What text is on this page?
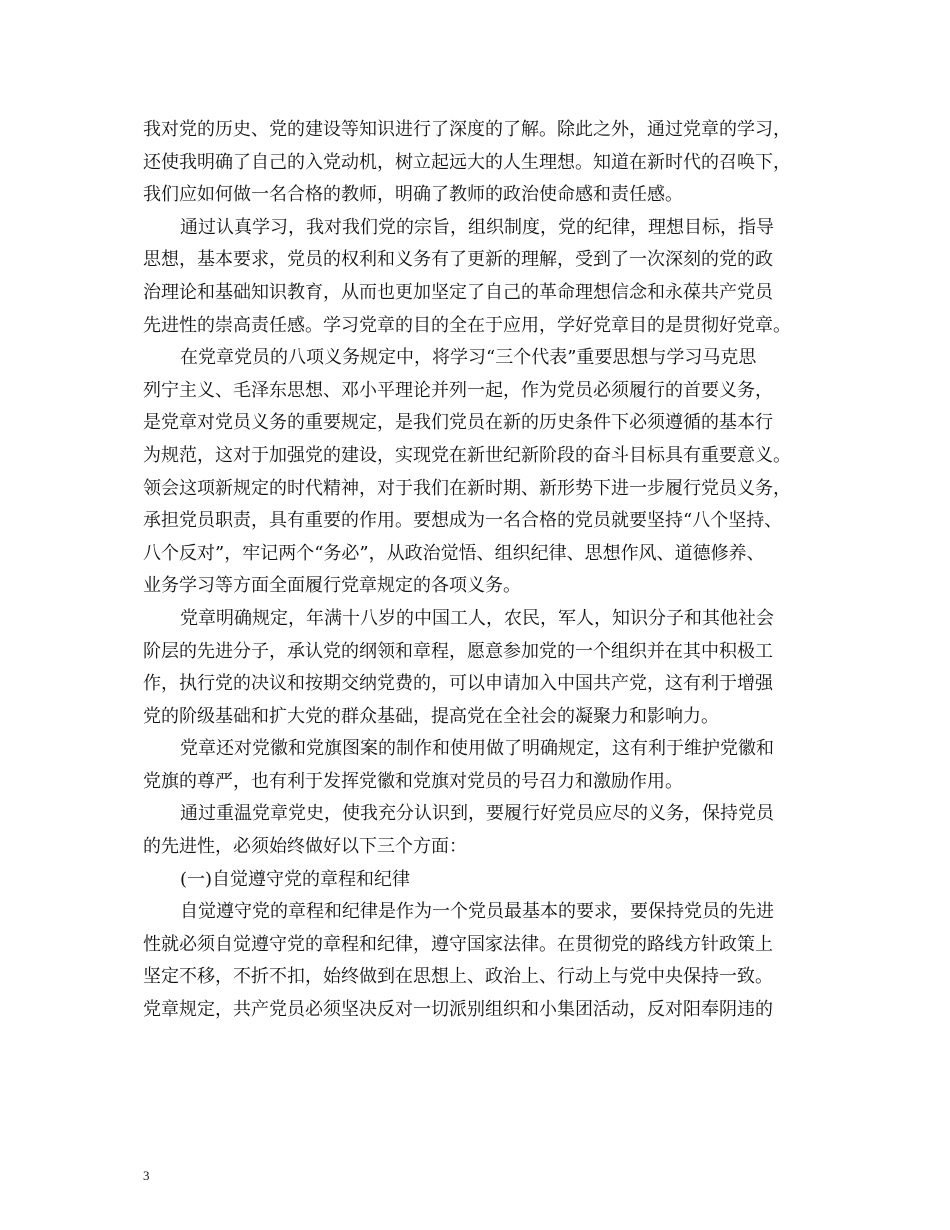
我对党的历史、党的建设等知识进行了深度的了解。除此之外，通过党章的学习，
还使我明确了自己的入党动机，树立起远大的人生理想。知道在新时代的召唤下，
我们应如何做一名合格的教师，明确了教师的政治使命感和责任感。
通过认真学习，我对我们党的宗旨，组织制度，党的纪律，理想目标，指导
思想，基本要求，党员的权利和义务有了更新的理解，受到了一次深刻的党的政
治理论和基础知识教育，从而也更加坚定了自己的革命理想信念和永葆共产党员
先进性的崇高责任感。学习党章的目的全在于应用，学好党章目的是贯彻好党章。
在党章党员的八项义务规定中，将学习“三个代表”重要思想与学习马克思
列宁主义、毛泽东思想、邓小平理论并列一起，作为党员必须履行的首要义务，
是党章对党员义务的重要规定，是我们党员在新的历史条件下必须遵循的基本行
为规范，这对于加强党的建设，实现党在新世纪新阶段的奋斗目标具有重要意义。
领会这项新规定的时代精神，对于我们在新时期、新形势下进一步履行党员义务，
承担党员职责，具有重要的作用。要想成为一名合格的党员就要坚持“八个坚持、
八个反对”，牢记两个“务必”，从政治觉悟、组织纪律、思想作风、道德修养、
业务学习等方面全面履行党章规定的各项义务。
党章明确规定，年满十八岁的中国工人，农民，军人，知识分子和其他社会
阶层的先进分子，承认党的纲领和章程，愿意参加党的一个组织并在其中积极工
作，执行党的决议和按期交纳党费的，可以申请加入中国共产党，这有利于增强
党的阶级基础和扩大党的群众基础，提高党在全社会的凝聚力和影响力。
党章还对党徽和党旗图案的制作和使用做了明确规定，这有利于维护党徽和
党旗的尊严，也有利于发挥党徽和党旗对党员的号召力和激励作用。
通过重温党章党史，使我充分认识到，要履行好党员应尽的义务，保持党员
的先进性，必须始终做好以下三个方面：
(一)自觉遵守党的章程和纪律
自觉遵守党的章程和纪律是作为一个党员最基本的要求，要保持党员的先进
性就必须自觉遵守党的章程和纪律，遵守国家法律。在贯彻党的路线方针政策上
坚定不移，不折不扣，始终做到在思想上、政治上、行动上与党中央保持一致。
党章规定，共产党员必须坚决反对一切派别组织和小集团活动，反对阳奉阴违的
3
